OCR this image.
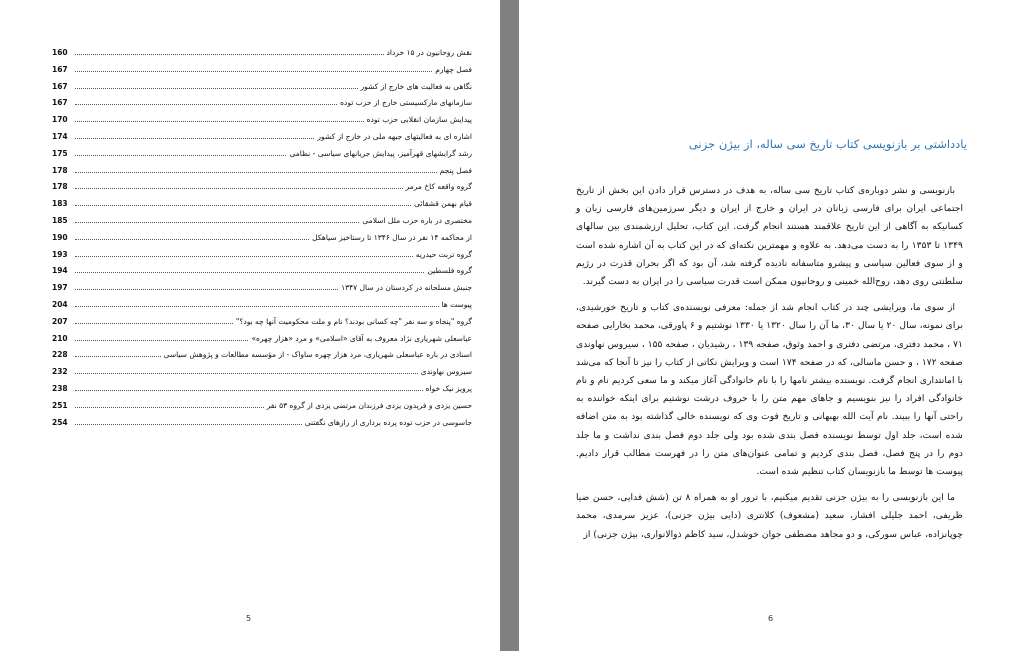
160	نقش روحانیون در ۱۵ خرداد
167	فصل چهارم
167	نگاهی به فعالیت های خارج از کشور
167	سازمانهای مارکسیستی خارج از حزب توده
170	پیدایش سازمان انقلابی حزب توده
174	اشاره ای به فعالیتهای جبهه ملی در خارج از کشور
175	رشد گرایشهای قهرآمیز، پیدایش جریانهای سیاسی - نظامی
178	فصل پنجم
178	گروه واقعه کاخ مرمر
183	قیام بهمن قشقائی
185	مختصری در باره حزب ملل اسلامی
190	از محاکمه ۱۴ نفر در سال ۱۳۴۶ تا رستاخیز سیاهکل
193	گروه تربت حیدریه
194	گروه فلسطین
197	جنبش مسلحانه در کردستان در سال ۱۳۴۷
204	پیوست ها
207	گروه "پنجاه و سه نفر "چه کسانی بودند؟ نام و ملت محکومیت آنها چه بود؟"
210	عباسعلی شهریاری نژاد معروف به آقای «اسلامی» و مرد «هزار چهره»
228	اسنادی در باره عباسعلی شهریاری، مرد هزار چهره ساواک - از مؤسسه مطالعات و پژوهش سیاسی
232	سیروس نهاوندی
238	پرویز نیک خواه
251	حسین یزدی و فریدون یزدی فرزندان مرتضی یزدی از گروه ۵۳ نفر
254	جاسوسی در حزب توده پرده برداری از رازهای نگفتنی
5
یادداشتی بر بازنویسی کتاب تاریخ سی ساله، از بیژن جزنی

بازنویسی و نشر دوباره‌ی کتاب تاریخ سی ساله، به هدف در دسترس قرار دادن این بخش از تاریخ اجتماعی ایران برای فارسی زبانان در ایران و خارج از ایران و دیگر سرزمین‌های فارسی زبان و کسانیکه به آگاهی از این تاریخ علاقمند هستند انجام گرفت. این کتاب، تحلیل ارزشمندی بین سالهای ۱۳۴۹ تا ۱۳۵۳ را به دست می‌دهد. به علاوه و مهمترین نکته‌ای که در این کتاب به آن اشاره شده است و از سوی فعالین سیاسی و پیشرو متاسفانه نادیده گرفته شد، آن بود که اگر بحران قدرت در رژیم سلطنتی روی دهد، روح‌الله خمینی و روحانیون ممکن است قدرت سیاسی را در ایران به دست گیرند.

از سوی ما، ویرایشی چند در کتاب انجام شد از جمله: معرفی نویسنده‌ی کتاب و تاریخ خورشیدی، برای نمونه، سال ۲۰ یا سال ۳۰، ما آن را سال ۱۳۲۰ یا ۱۳۳۰ نوشتیم و ۶ پاورقی، محمد بخارایی صفحه ۷۱ ، محمد دفتری، مرتضی دفتری و احمد وثوق، صفحه ۱۳۹ ، رشیدیان ، صفحه ۱۵۵ ، سیروس نهاوندی صفحه ۱۷۲ ، و حسن ماسالی، که در صفحه ۱۷۴ است و ویرایش نکاتی از کتاب را نیز تا آنجا که می‌شد با امانتداری انجام گرفت. نویسنده بیشتر نامها را با نام خانوادگی آغاز میکند و ما سعی کردیم نام و نام خانوادگی افراد را نیز بنویسیم و جاهای مهم متن را با حروف درشت نوشتیم برای اینکه خواننده به راحتی آنها را ببیند. نام آیت الله بهبهانی و تاریخ فوت وی که نویسنده خالی گذاشته بود به متن اضافه شده است، جلد اول توسط نویسنده فصل بندی شده بود ولی جلد دوم فصل بندی نداشت و ما جلد دوم را در پنج فصل، فصل بندی کردیم و تمامی عنوان‌های متن را در فهرست مطالب قرار دادیم. پیوست ها توسط ما بازنویسان کتاب تنظیم شده است.

ما این بازنویسی را به بیژن جزنی تقدیم میکنیم، با ترور او به همراه ۸ تن (شش فدایی، حسن ضیا ظریفی، احمد جلیلی افشار، سعید (مشعوف) کلانتری (دایی بیژن جزنی)، عزیز سرمدی، محمد چوپانزاده، عباس سورکی، و دو مجاهد مصطفی جوان خوشدل، سید کاظم ذوالانواری، بیژن جزنی) از

6
